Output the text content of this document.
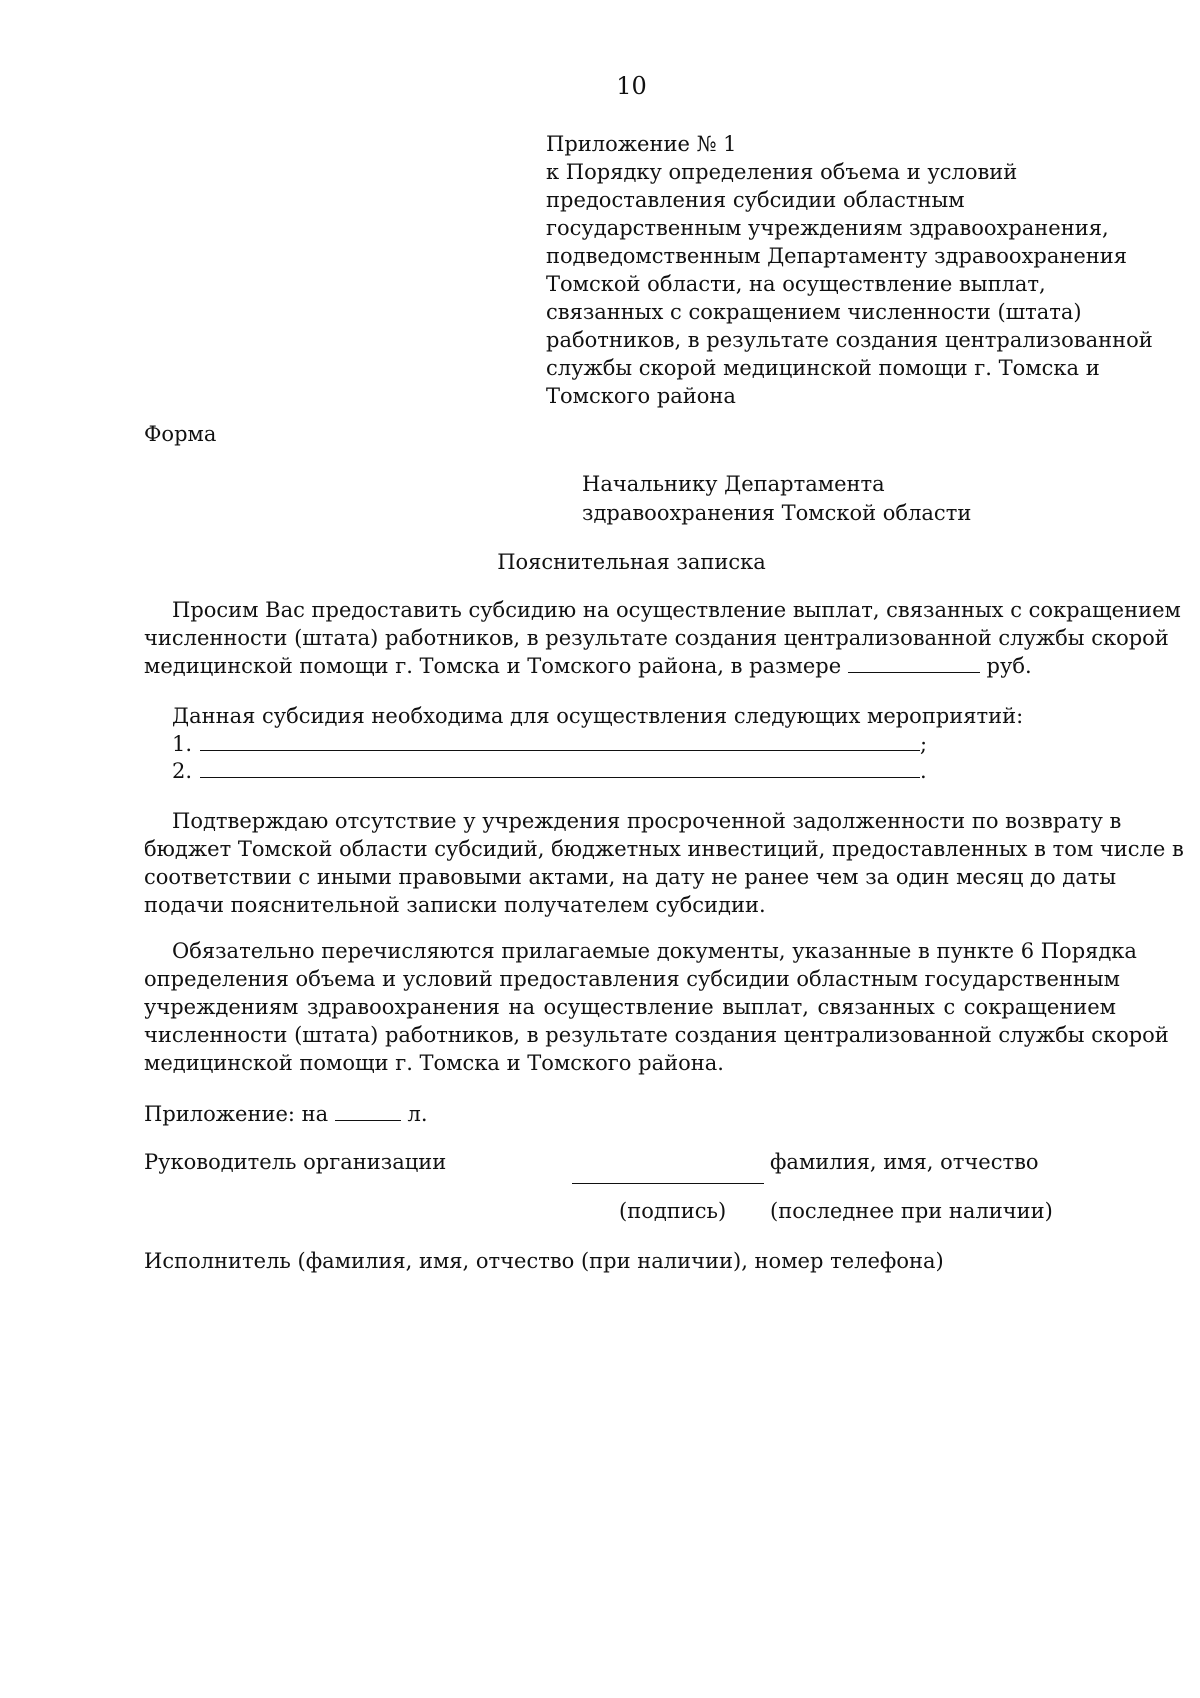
10
Приложение № 1
к Порядку определения объема и условий
предоставления субсидии областным
государственным учреждениям здравоохранения,
подведомственным Департаменту здравоохранения
Томской области, на осуществление выплат,
связанных с сокращением численности (штата)
работников, в результате создания централизованной
службы скорой медицинской помощи г. Томска и
Томского района
Форма
Начальнику Департамента
здравоохранения Томской области
Пояснительная записка
Просим Вас предоставить субсидию на осуществление выплат, связанных с сокращением
численности (штата) работников, в результате создания централизованной службы скорой
медицинской помощи г. Томска и Томского района, в размере	руб.
Данная субсидия необходима для осуществления следующих мероприятий:
1.	;
2.	.
Подтверждаю отсутствие у учреждения просроченной задолженности по возврату в
бюджет Томской области субсидий, бюджетных инвестиций, предоставленных в том числе в
соответствии с иными правовыми актами, на дату не ранее чем за один месяц до даты
подачи пояснительной записки получателем субсидии.
Обязательно перечисляются прилагаемые документы, указанные в пункте 6 Порядка
определения объема и условий предоставления субсидии областным государственным
учреждениям здравоохранения на осуществление выплат, связанных с сокращением
численности (штата) работников, в результате создания централизованной службы скорой
медицинской помощи г. Томска и Томского района.
Приложение: на	л.
Руководитель организации	фамилия, имя, отчество
(подпись) (последнее при наличии)
Исполнитель (фамилия, имя, отчество (при наличии), номер телефона)
